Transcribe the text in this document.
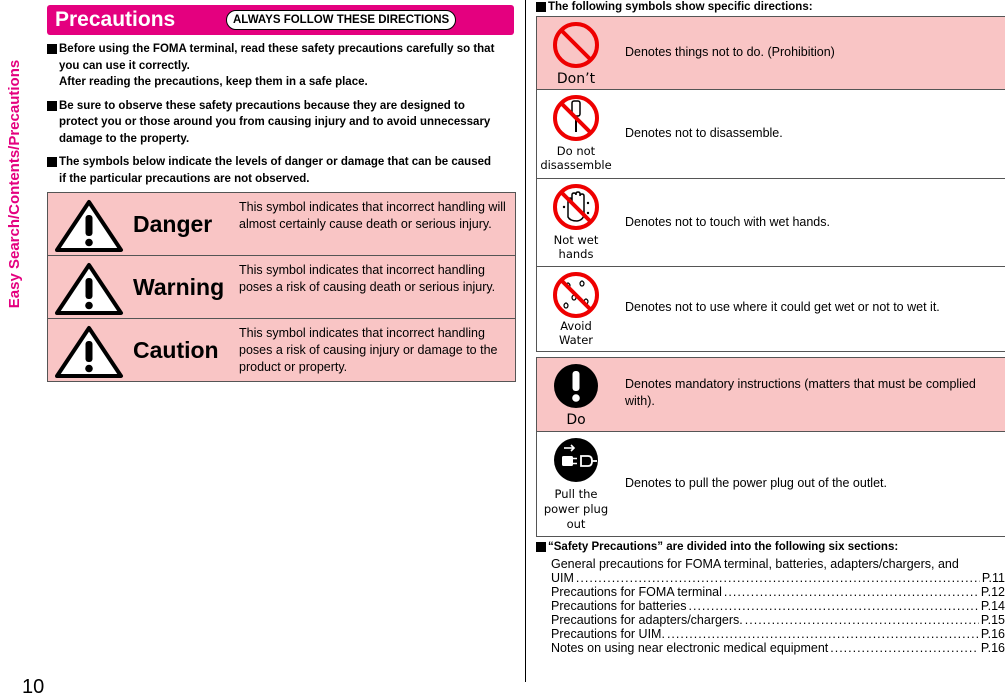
Easy Search/Contents/Precautions
10
Precautions	ALWAYS FOLLOW THESE DIRECTIONS
Before using the FOMA terminal, read these safety precautions carefully so that
you can use it correctly.
After reading the precautions, keep them in a safe place.
Be sure to observe these safety precautions because they are designed to
protect you or those around you from causing injury and to avoid unnecessary
damage to the property.
The symbols below indicate the levels of danger or damage that can be caused
if the particular precautions are not observed.
Danger
This symbol indicates that incorrect handling will almost certainly cause death or serious injury.
Warning
This symbol indicates that incorrect handling poses a risk of causing death or serious injury.
Caution
This symbol indicates that incorrect handling poses a risk of causing injury or damage to the product or property.
The following symbols show specific directions:
Don’t
Denotes things not to do. (Prohibition)
Do not
disassemble
Denotes not to disassemble.
Not wet
hands
Denotes not to touch with wet hands.
Avoid
Water
Denotes not to use where it could get wet or not to wet it.
Do
Denotes mandatory instructions (matters that must be complied with).
Pull the
power plug
out
Denotes to pull the power plug out of the outlet.
“Safety Precautions” are divided into the following six sections:
General precautions for FOMA terminal, batteries, adapters/chargers, and
UIM .....	P.11
Precautions for FOMA terminal .....	P.12
Precautions for batteries .....	P.14
Precautions for adapters/chargers. .....	P.15
Precautions for UIM. .....	P.16
Notes on using near electronic medical equipment .....	P.16
